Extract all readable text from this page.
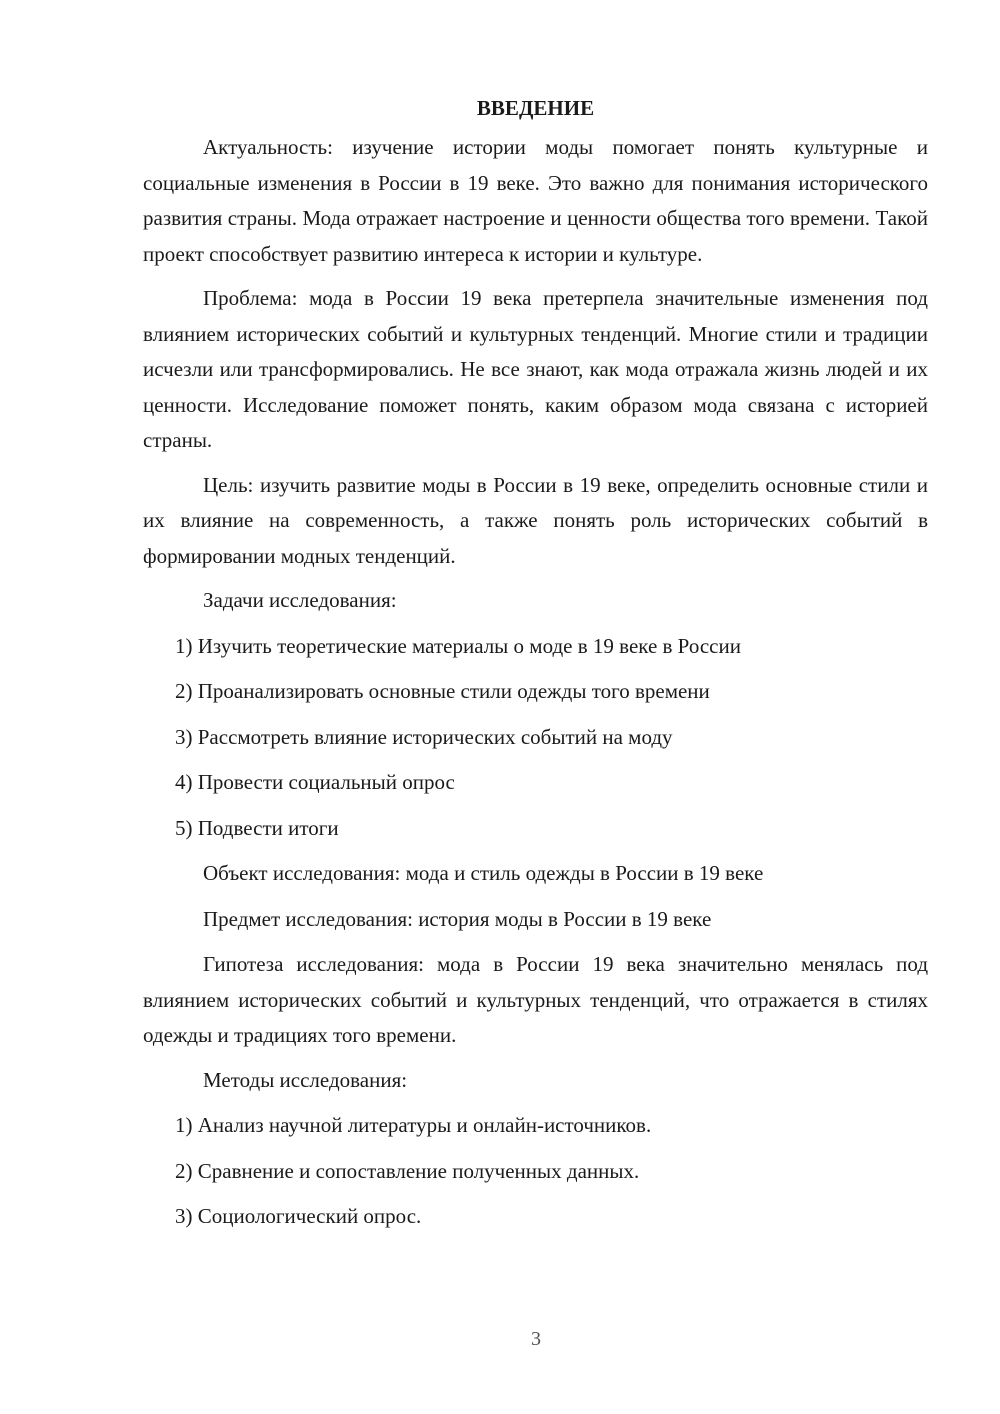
ВВЕДЕНИЕ

Актуальность: изучение истории моды помогает понять культурные и социальные изменения в России в 19 веке. Это важно для понимания исторического развития страны. Мода отражает настроение и ценности общества того времени. Такой проект способствует развитию интереса к истории и культуре.

Проблема: мода в России 19 века претерпела значительные изменения под влиянием исторических событий и культурных тенденций. Многие стили и традиции исчезли или трансформировались. Не все знают, как мода отражала жизнь людей и их ценности. Исследование поможет понять, каким образом мода связана с историей страны.

Цель: изучить развитие моды в России в 19 веке, определить основные стили и их влияние на современность, а также понять роль исторических событий в формировании модных тенденций.

Задачи исследования:

1) Изучить теоретические материалы о моде в 19 веке в России
2) Проанализировать основные стили одежды того времени
3) Рассмотреть влияние исторических событий на моду
4) Провести социальный опрос
5) Подвести итоги

Объект исследования: мода и стиль одежды в России в 19 веке

Предмет исследования: история моды в России в 19 веке

Гипотеза исследования: мода в России 19 века значительно менялась под влиянием исторических событий и культурных тенденций, что отражается в стилях одежды и традициях того времени.

Методы исследования:

1) Анализ научной литературы и онлайн-источников.
2) Сравнение и сопоставление полученных данных.
3) Социологический опрос.
3
